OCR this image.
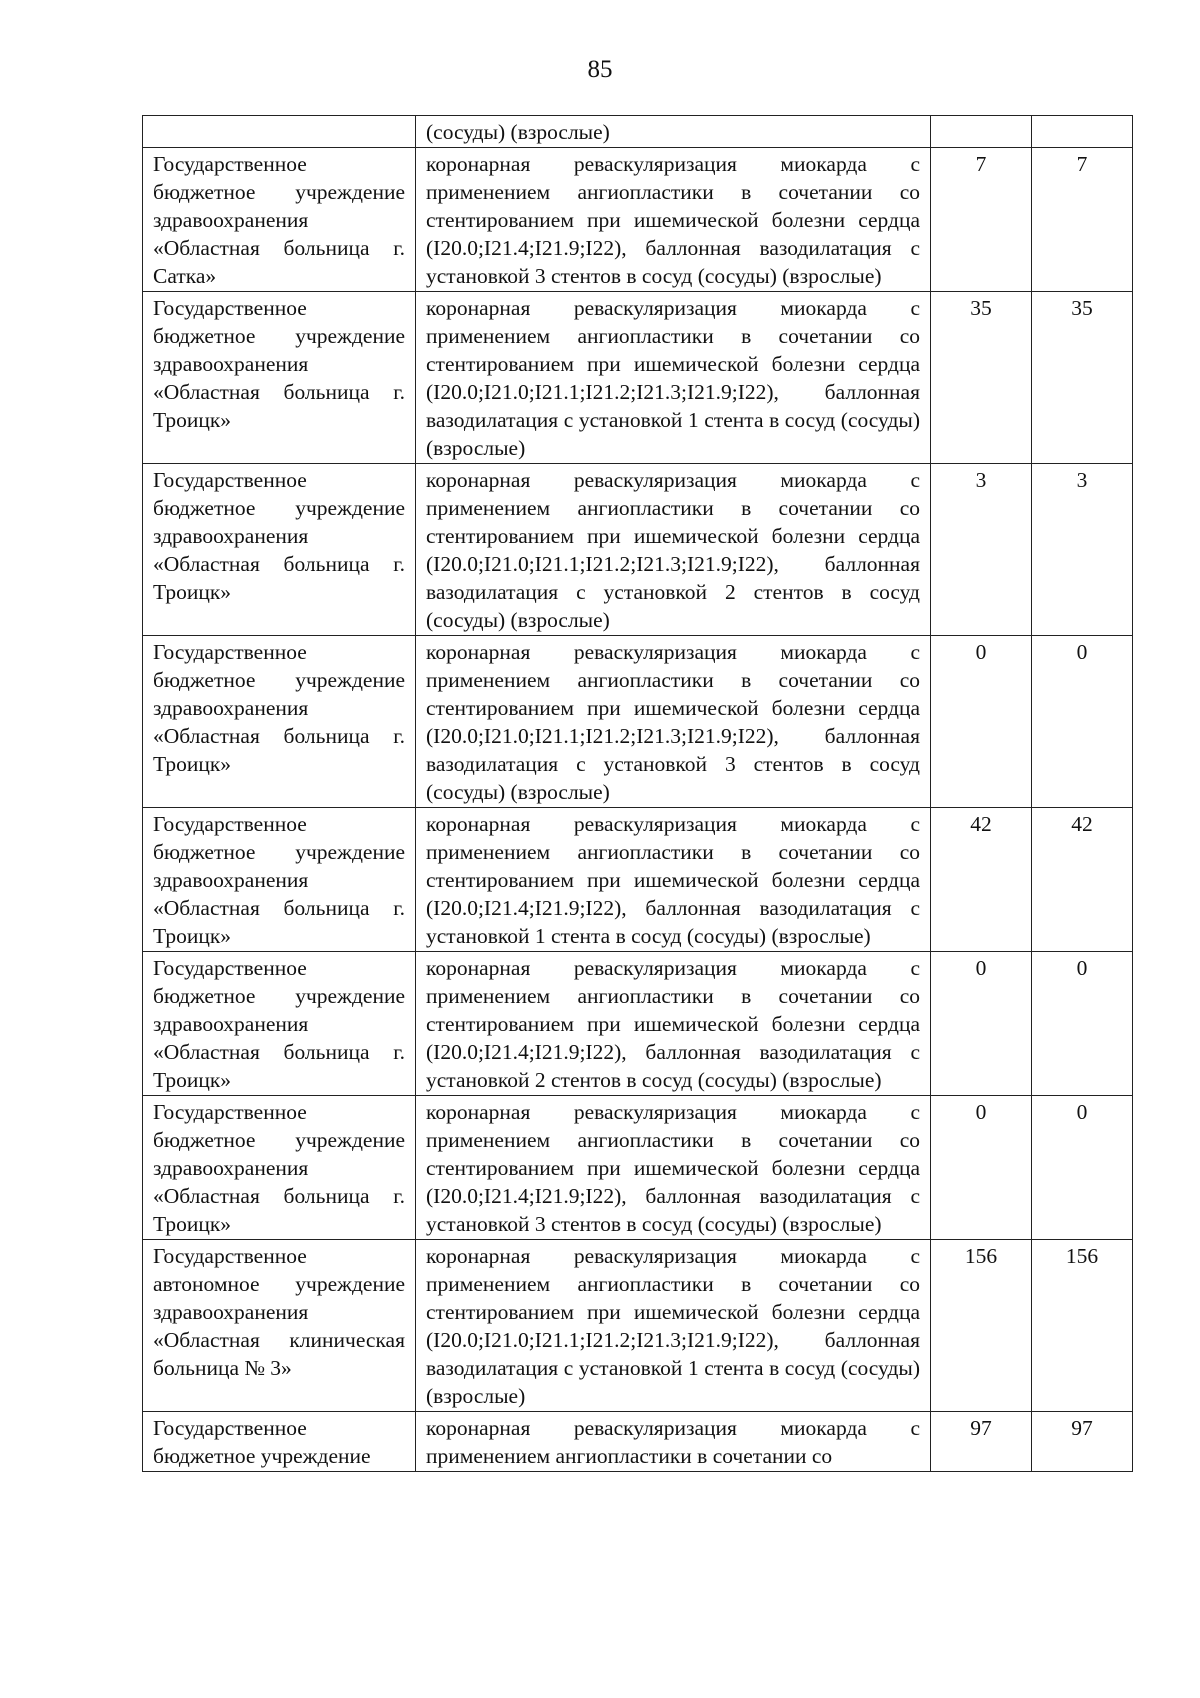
85
	(сосуды) (взрослые)		
Государственное бюджетное учреждение здравоохранения «Областная больница г. Сатка»	коронарная реваскуляризация миокарда с применением ангиопластики в сочетании со стентированием при ишемической болезни сердца (I20.0;I21.4;I21.9;I22), баллонная вазодилатация с установкой 3 стентов в сосуд (сосуды) (взрослые)	7	7
Государственное бюджетное учреждение здравоохранения «Областная больница г. Троицк»	коронарная реваскуляризация миокарда с применением ангиопластики в сочетании со стентированием при ишемической болезни сердца (I20.0;I21.0;I21.1;I21.2;I21.3;I21.9;I22), баллонная вазодилатация с установкой 1 стента в сосуд (сосуды) (взрослые)	35	35
Государственное бюджетное учреждение здравоохранения «Областная больница г. Троицк»	коронарная реваскуляризация миокарда с применением ангиопластики в сочетании со стентированием при ишемической болезни сердца (I20.0;I21.0;I21.1;I21.2;I21.3;I21.9;I22), баллонная вазодилатация с установкой 2 стентов в сосуд (сосуды) (взрослые)	3	3
Государственное бюджетное учреждение здравоохранения «Областная больница г. Троицк»	коронарная реваскуляризация миокарда с применением ангиопластики в сочетании со стентированием при ишемической болезни сердца (I20.0;I21.0;I21.1;I21.2;I21.3;I21.9;I22), баллонная вазодилатация с установкой 3 стентов в сосуд (сосуды) (взрослые)	0	0
Государственное бюджетное учреждение здравоохранения «Областная больница г. Троицк»	коронарная реваскуляризация миокарда с применением ангиопластики в сочетании со стентированием при ишемической болезни сердца (I20.0;I21.4;I21.9;I22), баллонная вазодилатация с установкой 1 стента в сосуд (сосуды) (взрослые)	42	42
Государственное бюджетное учреждение здравоохранения «Областная больница г. Троицк»	коронарная реваскуляризация миокарда с применением ангиопластики в сочетании со стентированием при ишемической болезни сердца (I20.0;I21.4;I21.9;I22), баллонная вазодилатация с установкой 2 стентов в сосуд (сосуды) (взрослые)	0	0
Государственное бюджетное учреждение здравоохранения «Областная больница г. Троицк»	коронарная реваскуляризация миокарда с применением ангиопластики в сочетании со стентированием при ишемической болезни сердца (I20.0;I21.4;I21.9;I22), баллонная вазодилатация с установкой 3 стентов в сосуд (сосуды) (взрослые)	0	0
Государственное автономное учреждение здравоохранения «Областная клиническая больница № 3»	коронарная реваскуляризация миокарда с применением ангиопластики в сочетании со стентированием при ишемической болезни сердца (I20.0;I21.0;I21.1;I21.2;I21.3;I21.9;I22), баллонная вазодилатация с установкой 1 стента в сосуд (сосуды) (взрослые)	156	156
Государственное бюджетное учреждение	коронарная реваскуляризация миокарда с применением ангиопластики в сочетании со	97	97
